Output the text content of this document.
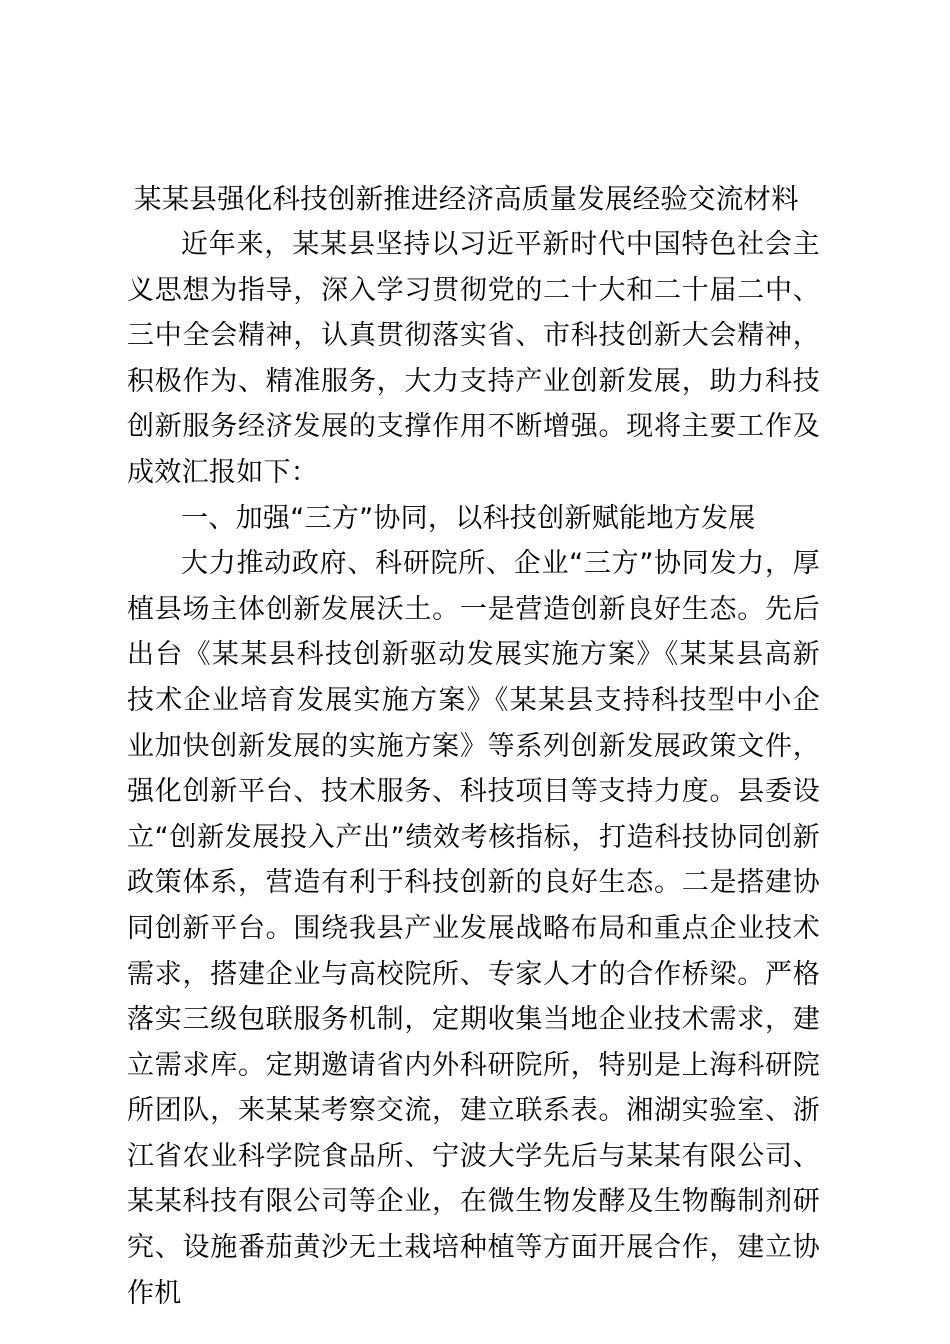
某某县强化科技创新推进经济高质量发展经验交流材料

近年来，某某县坚持以习近平新时代中国特色社会主义思想为指导，深入学习贯彻党的二十大和二十届二中、三中全会精神，认真贯彻落实省、市科技创新大会精神，积极作为、精准服务，大力支持产业创新发展，助力科技创新服务经济发展的支撑作用不断增强。现将主要工作及成效汇报如下：

一、加强“三方”协同，以科技创新赋能地方发展

大力推动政府、科研院所、企业“三方”协同发力，厚植县场主体创新发展沃土。一是营造创新良好生态。先后出台《某某县科技创新驱动发展实施方案》《某某县高新技术企业培育发展实施方案》《某某县支持科技型中小企业加快创新发展的实施方案》等系列创新发展政策文件，强化创新平台、技术服务、科技项目等支持力度。县委设立“创新发展投入产出”绩效考核指标，打造科技协同创新政策体系，营造有利于科技创新的良好生态。二是搭建协同创新平台。围绕我县产业发展战略布局和重点企业技术需求，搭建企业与高校院所、专家人才的合作桥梁。严格落实三级包联服务机制，定期收集当地企业技术需求，建立需求库。定期邀请省内外科研院所，特别是上海科研院所团队，来某某考察交流，建立联系表。湘湖实验室、浙江省农业科学院食品所、宁波大学先后与某某有限公司、某某科技有限公司等企业，在微生物发酵及生物酶制剂研究、设施番茄黄沙无土栽培种植等方面开展合作，建立协作机
